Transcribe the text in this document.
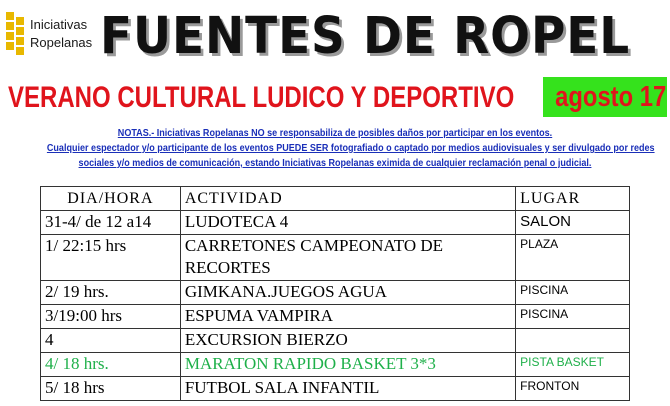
Iniciativas
Ropelanas FUENTES DE ROPEL
VERANO CULTURAL LUDICO Y DEPORTIVO	agosto 17
NOTAS.- Iniciativas Ropelanas NO se responsabiliza de posibles daños por participar en los eventos.
Cualquier espectador y/o participante de los eventos PUEDE SER fotografiado o captado por medios audiovisuales y ser divulgado por redes
sociales y/o medios de comunicación, estando Iniciativas Ropelanas eximida de cualquier reclamación penal o judicial.
DIA/HORA	ACTIVIDAD	LUGAR
31-4/ de 12 a14	LUDOTECA 4	SALON
1/ 22:15 hrs	CARRETONES CAMPEONATO DE RECORTES	PLAZA
2/ 19 hrs.	GIMKANA.JUEGOS AGUA	PISCINA
3/19:00 hrs	ESPUMA VAMPIRA	PISCINA
4	EXCURSION BIERZO	
4/ 18 hrs.	MARATON RAPIDO BASKET 3*3	PISTA BASKET
5/ 18 hrs	FUTBOL SALA INFANTIL	FRONTON
